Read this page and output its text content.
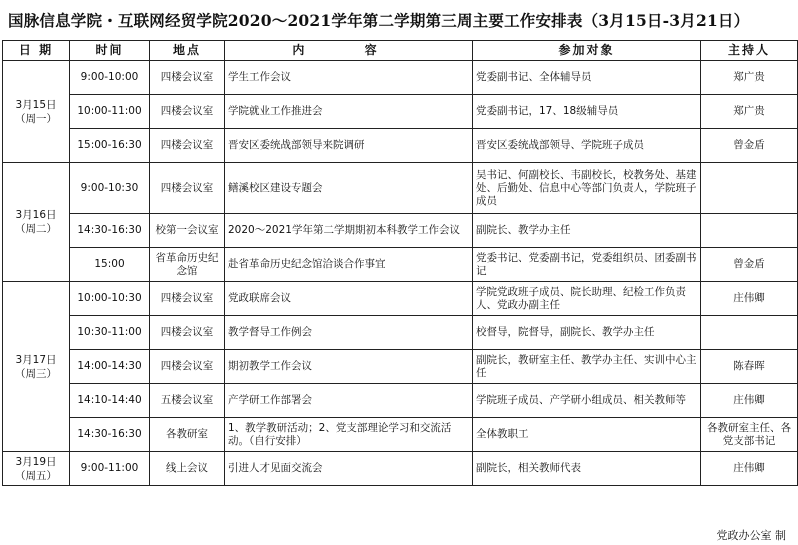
国脉信息学院・互联网经贸学院2020～2021学年第二学期第三周主要工作安排表（3月15日-3月21日）
日 期	时间	地点	内 容	参加对象	主持人

3月15日
（周一）	9:00-10:00	四楼会议室	学生工作会议	党委副书记、全体辅导员	郑广贵
	10:00-11:00	四楼会议室	学院就业工作推进会	党委副书记，17、18级辅导员	郑广贵
	15:00-16:30	四楼会议室	晋安区委统战部领导来院调研	晋安区委统战部领导、学院班子成员	曾金盾

3月16日
（周二）	9:00-10:30	四楼会议室	鳝溪校区建设专题会	吴书记、何副校长、韦副校长，校教务处、基建处、后勤处、信息中心等部门负责人，学院班子成员	
	14:30-16:30	校第一会议室	2020～2021学年第二学期期初本科教学工作会议	副院长、教学办主任	
	15:00	省革命历史纪念馆	赴省革命历史纪念馆洽谈合作事宜	党委书记、党委副书记，党委组织员、团委副书记	曾金盾

3月17日
（周三）	10:00-10:30	四楼会议室	党政联席会议	学院党政班子成员、院长助理、纪检工作负责人、党政办副主任	庄伟卿
	10:30-11:00	四楼会议室	教学督导工作例会	校督导，院督导，副院长、教学办主任	
	14:00-14:30	四楼会议室	期初教学工作会议	副院长，教研室主任、教学办主任、实训中心主任	陈春晖
	14:10-14:40	五楼会议室	产学研工作部署会	学院班子成员、产学研小组成员、相关教师等	庄伟卿
	14:30-16:30	各教研室	1、教学教研活动；2、党支部理论学习和交流活动。（自行安排）	全体教职工	各教研室主任、各党支部书记

3月19日
（周五）	9:00-11:00	线上会议	引进人才见面交流会	副院长，相关教师代表	庄伟卿
党政办公室 制
